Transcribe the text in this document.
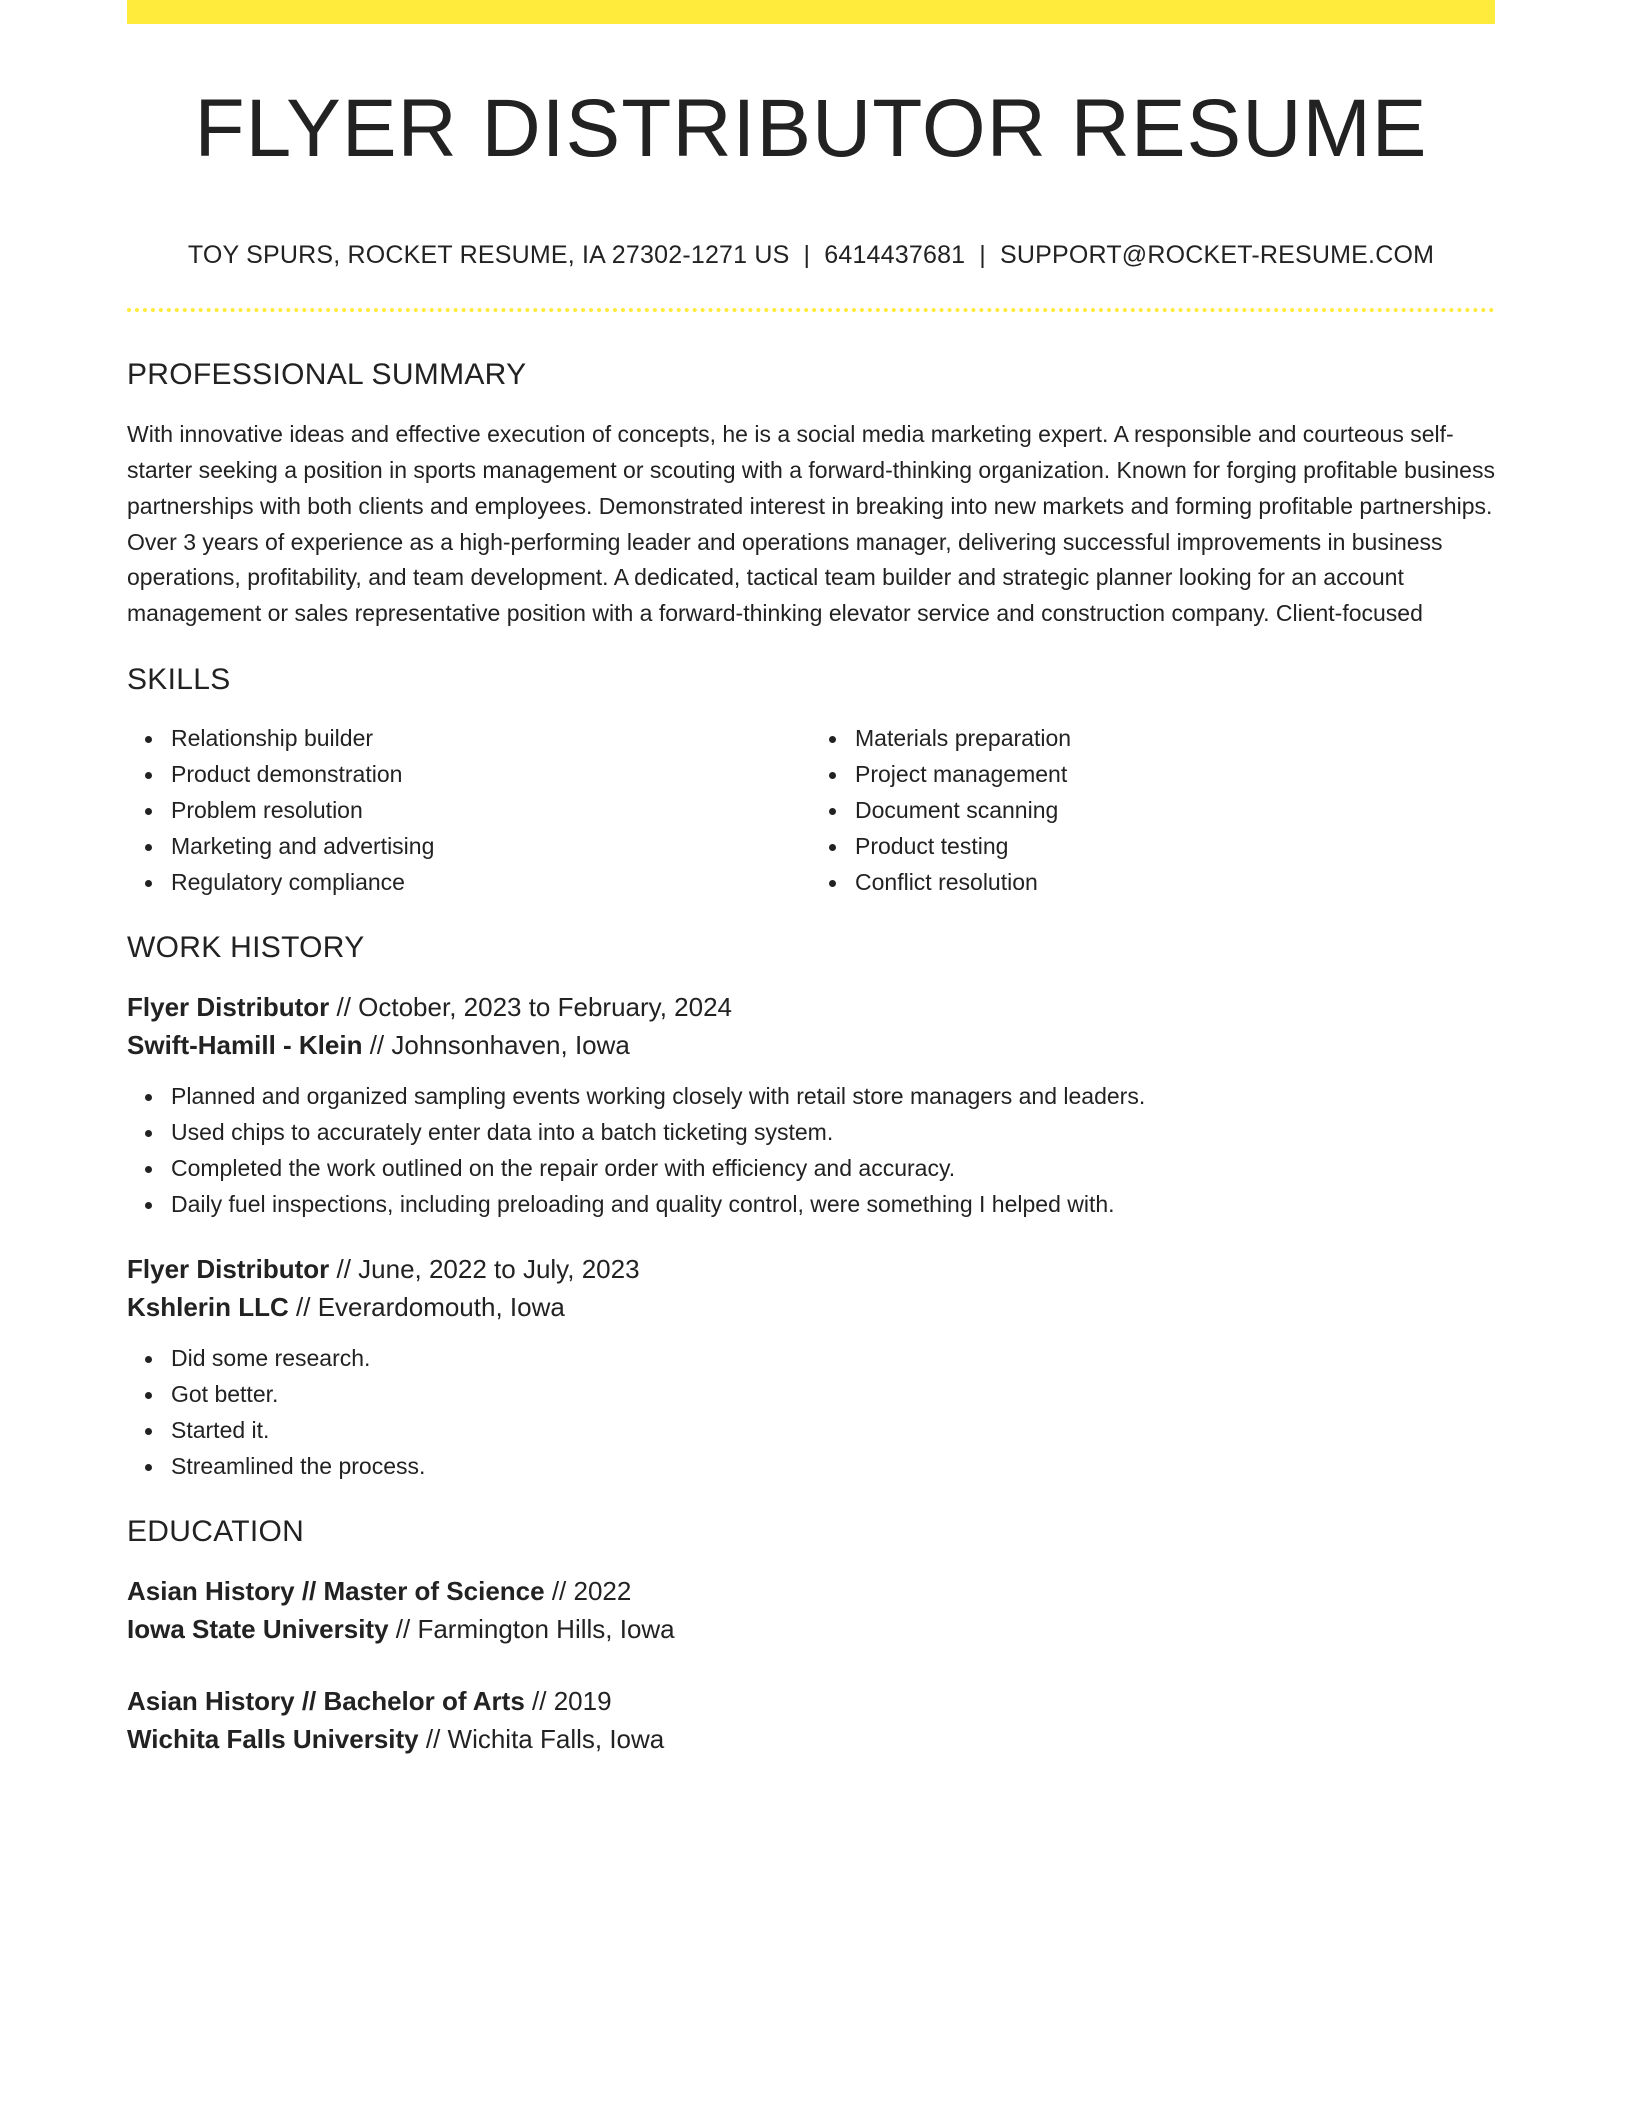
FLYER DISTRIBUTOR RESUME
TOY SPURS, ROCKET RESUME, IA 27302-1271 US | 6414437681 | SUPPORT@ROCKET-RESUME.COM
PROFESSIONAL SUMMARY

With innovative ideas and effective execution of concepts, he is a social media marketing expert. A responsible and courteous self-starter seeking a position in sports management or scouting with a forward-thinking organization. Known for forging profitable business partnerships with both clients and employees. Demonstrated interest in breaking into new markets and forming profitable partnerships. Over 3 years of experience as a high-performing leader and operations manager, delivering successful improvements in business operations, profitability, and team development. A dedicated, tactical team builder and strategic planner looking for an account management or sales representative position with a forward-thinking elevator service and construction company. Client-focused

SKILLS
Relationship builder
Product demonstration
Problem resolution
Marketing and advertising
Regulatory compliance
Materials preparation
Project management
Document scanning
Product testing
Conflict resolution
WORK HISTORY
Flyer Distributor // October, 2023 to February, 2024
Swift-Hamill - Klein // Johnsonhaven, Iowa
Planned and organized sampling events working closely with retail store managers and leaders.
Used chips to accurately enter data into a batch ticketing system.
Completed the work outlined on the repair order with efficiency and accuracy.
Daily fuel inspections, including preloading and quality control, were something I helped with.
Flyer Distributor // June, 2022 to July, 2023
Kshlerin LLC // Everardomouth, Iowa
Did some research.
Got better.
Started it.
Streamlined the process.
EDUCATION
Asian History // Master of Science // 2022
Iowa State University // Farmington Hills, Iowa
Asian History // Bachelor of Arts // 2019
Wichita Falls University // Wichita Falls, Iowa
